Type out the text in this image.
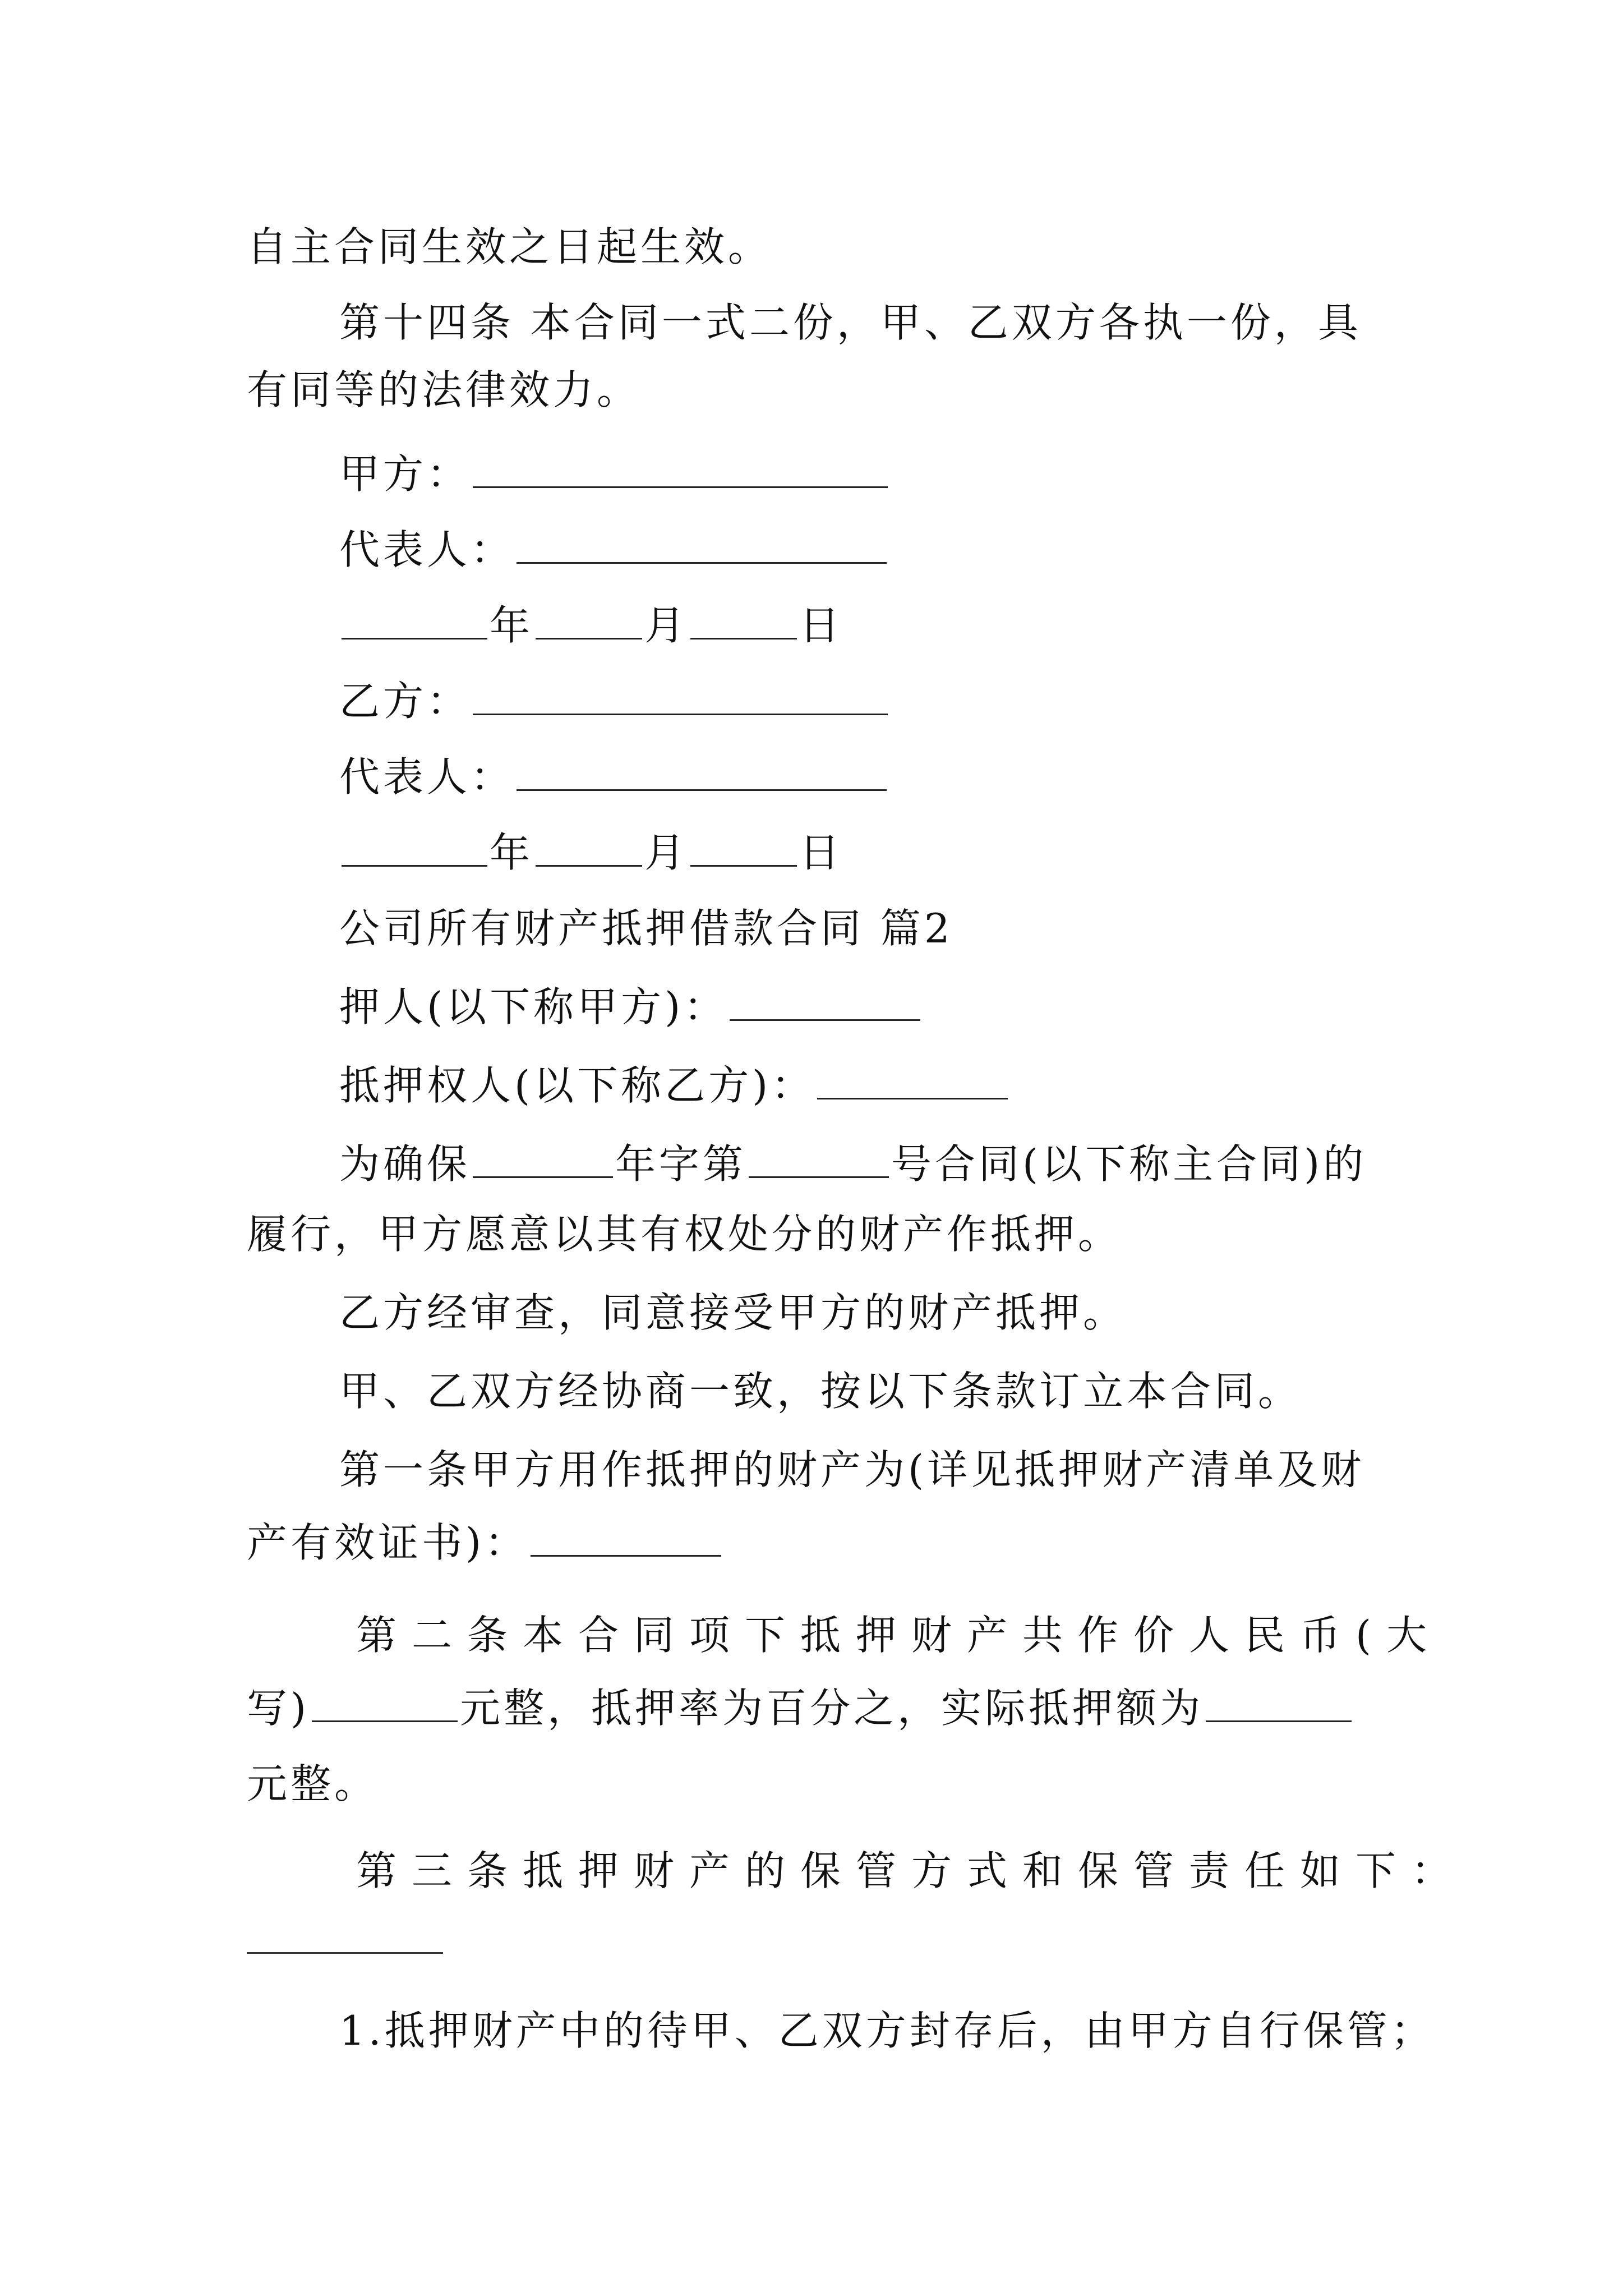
自主合同生效之日起生效。
第十四条 本合同一式二份，甲、乙双方各执一份，具
有同等的法律效力。
甲方：
代表人：
年	月	日
乙方：
代表人：
年	月	日
公司所有财产抵押借款合同 篇2
押人(以下称甲方)：
抵押权人(以下称乙方)：
为确保	年字第	号合同(以下称主合同)的
履行，甲方愿意以其有权处分的财产作抵押。
乙方经审查，同意接受甲方的财产抵押。
甲、乙双方经协商一致，按以下条款订立本合同。
第一条甲方用作抵押的财产为(详见抵押财产清单及财
产有效证书)：
第二条本合同项下抵押财产共作价人民币(大
写)	元整，抵押率为百分之，实际抵押额为
元整。
第三条抵押财产的保管方式和保管责任如下：
1.抵押财产中的待甲、乙双方封存后，由甲方自行保管；
